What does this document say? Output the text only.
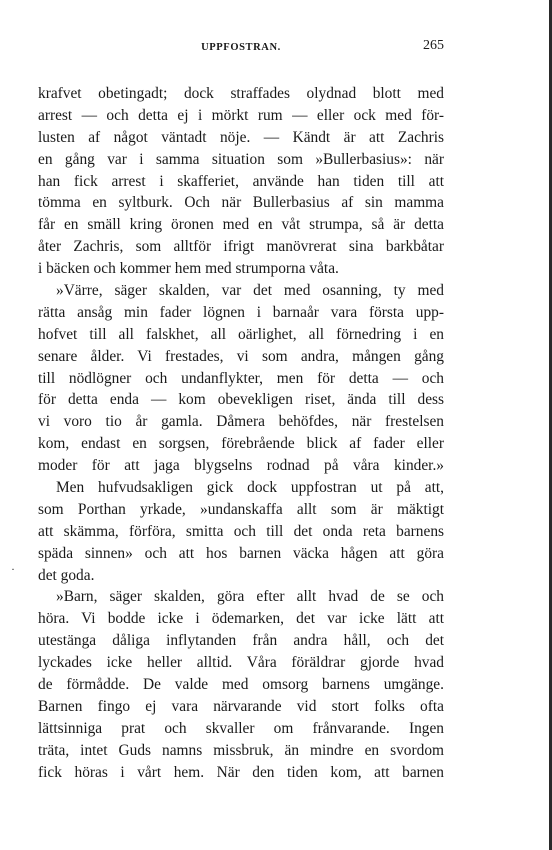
UPPFOSTRAN.	265
·
krafvet obetingadt; dock straffades olydnad blott med
arrest — och detta ej i mörkt rum — eller ock med för-
lusten af något väntadt nöje. — Kändt är att Zachris
en gång var i samma situation som »Bullerbasius»: när
han fick arrest i skafferiet, använde han tiden till att
tömma en syltburk. Och när Bullerbasius af sin mamma
får en smäll kring öronen med en våt strumpa, så är detta
åter Zachris, som alltför ifrigt manövrerat sina barkbåtar
i bäcken och kommer hem med strumporna våta.
»Värre, säger skalden, var det med osanning, ty med
rätta ansåg min fader lögnen i barnaår vara första upp-
hofvet till all falskhet, all oärlighet, all förnedring i en
senare ålder. Vi frestades, vi som andra, mången gång
till nödlögner och undanflykter, men för detta — och
för detta enda — kom obevekligen riset, ända till dess
vi voro tio år gamla. Dåmera behöfdes, när frestelsen
kom, endast en sorgsen, förebrående blick af fader eller
moder för att jaga blygselns rodnad på våra kinder.»
Men hufvudsakligen gick dock uppfostran ut på att,
som Porthan yrkade, »undanskaffa allt som är mäktigt
att skämma, förföra, smitta och till det onda reta barnens
späda sinnen» och att hos barnen väcka hågen att göra
det goda.
»Barn, säger skalden, göra efter allt hvad de se och
höra. Vi bodde icke i ödemarken, det var icke lätt att
utestänga dåliga inflytanden från andra håll, och det
lyckades icke heller alltid. Våra föräldrar gjorde hvad
de förmådde. De valde med omsorg barnens umgänge.
Barnen fingo ej vara närvarande vid stort folks ofta
lättsinniga prat och skvaller om frånvarande. Ingen
träta, intet Guds namns missbruk, än mindre en svordom
fick höras i vårt hem. När den tiden kom, att barnen
